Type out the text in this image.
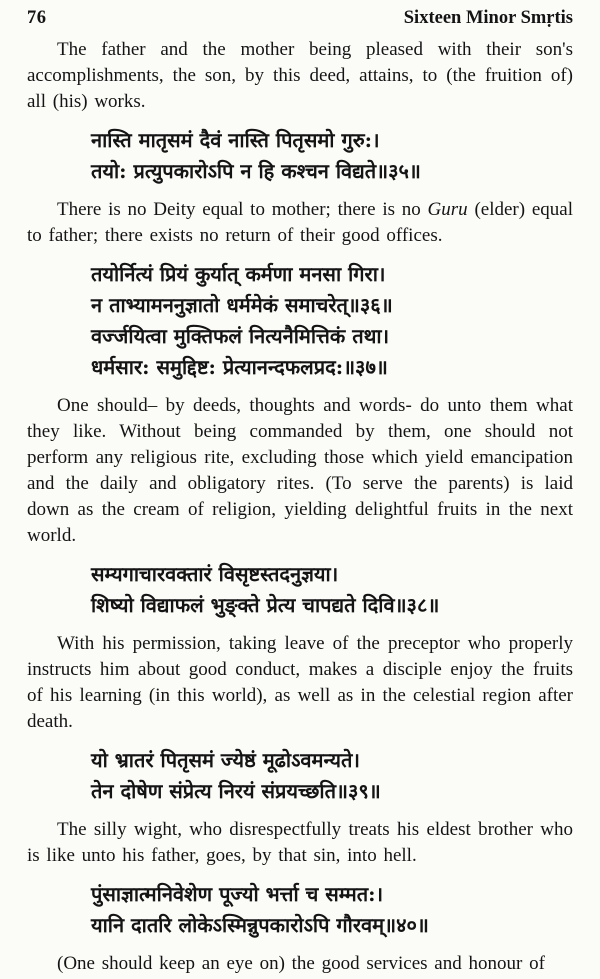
76	Sixteen Minor Smṛtis

The father and the mother being pleased with their son's accomplishments, the son, by this deed, attains, to (the fruition of) all (his) works.

नास्ति मातृसमं दैवं नास्ति पितृसमो गुरु:।
तयो: प्रत्युपकारोऽपि न हि कश्चन विद्यते॥३५॥

There is no Deity equal to mother; there is no Guru (elder) equal to father; there exists no return of their good offices.

तयोर्नित्यं प्रियं कुर्यात् कर्मणा मनसा गिरा।
न ताभ्यामननुज्ञातो धर्ममेकं समाचरेत्॥३६॥
वर्ज्जयित्वा मुक्तिफलं नित्यनैमित्तिकं तथा।
धर्मसार: समुद्दिष्ट: प्रेत्यानन्दफलप्रद:॥३७॥

One should– by deeds, thoughts and words- do unto them what they like. Without being commanded by them, one should not perform any religious rite, excluding those which yield emancipation and the daily and obligatory rites. (To serve the parents) is laid down as the cream of religion, yielding delightful fruits in the next world.

सम्यगाचारवक्तारं विसृष्टस्तदनुज्ञया।
शिष्यो विद्याफलं भुङ्क्ते प्रेत्य चापद्यते दिवि॥३८॥

With his permission, taking leave of the preceptor who properly instructs him about good conduct, makes a disciple enjoy the fruits of his learning (in this world), as well as in the celestial region after death.

यो भ्रातरं पितृसमं ज्येष्ठं मूढोऽवमन्यते।
तेन दोषेण संप्रेत्य निरयं संप्रयच्छति॥३९॥

The silly wight, who disrespectfully treats his eldest brother who is like unto his father, goes, by that sin, into hell.

पुंसाज्ञात्मनिवेशेण पूज्यो भर्त्ता च सम्मत:।
यानि दातरि लोकेऽस्मिन्नुपकारोऽपि गौरवम्॥४०॥

(One should keep an eye on) the good services and honour of
